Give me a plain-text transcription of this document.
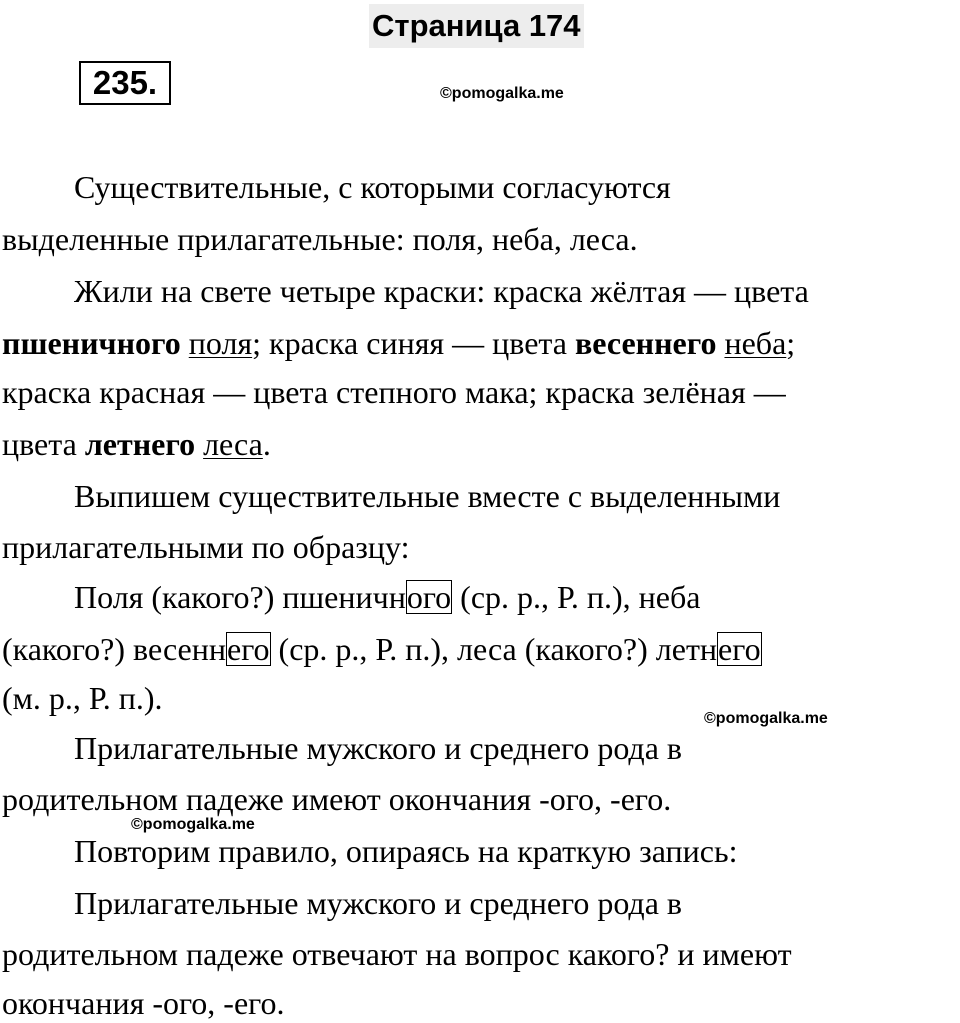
Страница 174
235.	©pomogalka.me
Существительные, с которыми согласуются
выделенные прилагательные: поля, неба, леса.
Жили на свете четыре краски: краска жёлтая — цвета
пшеничного поля; краска синяя — цвета весеннего неба;
краска красная — цвета степного мака; краска зелёная —
цвета летнего леса.
Выпишем существительные вместе с выделенными
прилагательными по образцу:
Поля (какого?) пшеничного (ср. р., Р. п.), неба
(какого?) весеннего (ср. р., Р. п.), леса (какого?) летнего
(м. р., Р. п.).
©pomogalka.me
Прилагательные мужского и среднего рода в
родительном падеже имеют окончания -ого, -его.
©pomogalka.me
Повторим правило, опираясь на краткую запись:
Прилагательные мужского и среднего рода в
родительном падеже отвечают на вопрос какого? и имеют
окончания -ого, -его.
